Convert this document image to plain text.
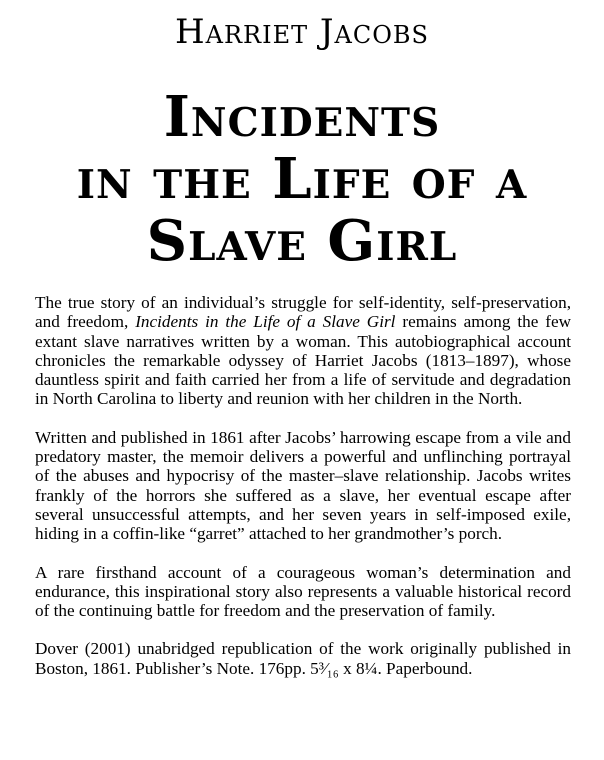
Harriet Jacobs
Incidents
in the Life of a
Slave Girl

The true story of an individual’s struggle for self-identity, self-preservation, and freedom, Incidents in the Life of a Slave Girl remains among the few extant slave narratives written by a woman. This autobiographical account chronicles the remarkable odyssey of Harriet Jacobs (1813–1897), whose dauntless spirit and faith carried her from a life of servitude and degradation in North Carolina to liberty and reunion with her children in the North.

Written and published in 1861 after Jacobs’ harrowing escape from a vile and predatory master, the memoir delivers a powerful and unflinching portrayal of the abuses and hypocrisy of the master–slave relationship. Jacobs writes frankly of the horrors she suffered as a slave, her eventual escape after several unsuccessful attempts, and her seven years in self-imposed exile, hiding in a coffin-like “garret” attached to her grandmother’s porch.

A rare firsthand account of a courageous woman’s determination and endurance, this inspirational story also represents a valuable historical record of the continuing battle for freedom and the preservation of family.

Dover (2001) unabridged republication of the work originally published in Boston, 1861. Publisher’s Note. 176pp. 5³⁄₁₆ x 8¼. Paperbound.
